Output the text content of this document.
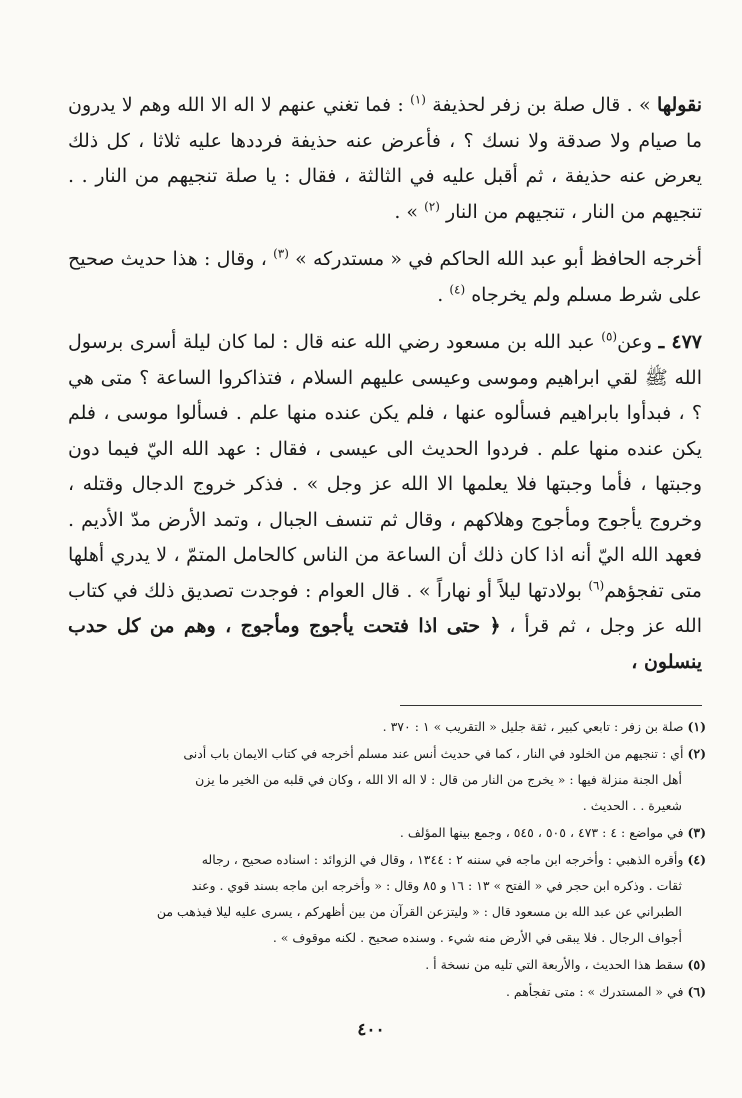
نقولها » . قال صلة بن زفر لحذيفة $^{(١)}$ : فما تغني عنهم لا اله الا الله وهم لا يدرون ما صيام ولا صدقة ولا نسك ؟ ، فأعرض عنه حذيفة فرددها عليه ثلاثا ، كل ذلك يعرض عنه حذيفة ، ثم أقبل عليه في الثالثة ، فقال : يا صلة تنجيهم من النار . . تنجيهم من النار ، تنجيهم من النار $^{(٢)}$ » .

أخرجه الحافظ أبو عبد الله الحاكم في « مستدركه » $^{(٣)}$ ، وقال : هذا حديث صحيح على شرط مسلم ولم يخرجاه $^{(٤)}$ .

٤٧٧ ـ وعن$^{(٥)}$ عبد الله بن مسعود رضي الله عنه قال : لما كان ليلة أسرى برسول الله ﷺ لقي ابراهيم وموسى وعيسى عليهم السلام ، فتذاكروا الساعة ؟ متى هي ؟ ، فبدأوا بابراهيم فسألوه عنها ، فلم يكن عنده منها علم . فسألوا موسى ، فلم يكن عنده منها علم . فردوا الحديث الى عيسى ، فقال : عهد الله اليّ فيما دون وجبتها ، فأما وجبتها فلا يعلمها الا الله عز وجل » . فذكر خروج الدجال وقتله ، وخروج يأجوج ومأجوج وهلاكهم ، وقال ثم تنسف الجبال ، وتمد الأرض مدّ الأديم . فعهد الله اليّ أنه اذا كان ذلك أن الساعة من الناس كالحامل المتمّ ، لا يدري أهلها متى تفجؤهم$^{(٦)}$ بولادتها ليلاً أو نهاراً » . قال العوام : فوجدت تصديق ذلك في كتاب الله عز وجل ، ثم قرأ ، ﴿ حتى اذا فتحت يأجوج ومأجوج ، وهم من كل حدب ينسلون ،

(١) صلة بن زفر : تابعي كبير ، ثقة جليل « التقريب » ١ : ٣٧٠ .
(٢) أي : تنجيهم من الخلود في النار ، كما في حديث أنس عند مسلم أخرجه في كتاب الايمان باب أدنى
أهل الجنة منزلة فيها : « يخرج من النار من قال : لا اله الا الله ، وكان في قلبه من الخير ما يزن
شعيرة . . الحديث .
(٣) في مواضع : ٤ : ٤٧٣ ، ٥٠٥ ، ٥٤٥ ، وجمع بينها المؤلف .
(٤) وأقره الذهبي : وأخرجه ابن ماجه في سننه ٢ : ١٣٤٤ ، وقال في الزوائد : اسناده صحيح ، رجاله
ثقات . وذكره ابن حجر في « الفتح » ١٣ : ١٦ و ٨٥ وقال : « وأخرجه ابن ماجه بسند قوي . وعند
الطبراني عن عبد الله بن مسعود قال : « وليتزعن القرآن من بين أظهركم ، يسرى عليه ليلا فيذهب من
أجواف الرجال . فلا يبقى في الأرض منه شيء . وسنده صحيح . لكنه موقوف » .
(٥) سقط هذا الحديث ، والأربعة التي تليه من نسخة أ .
(٦) في « المستدرك » : متى تفجأهم .
٤٠٠
